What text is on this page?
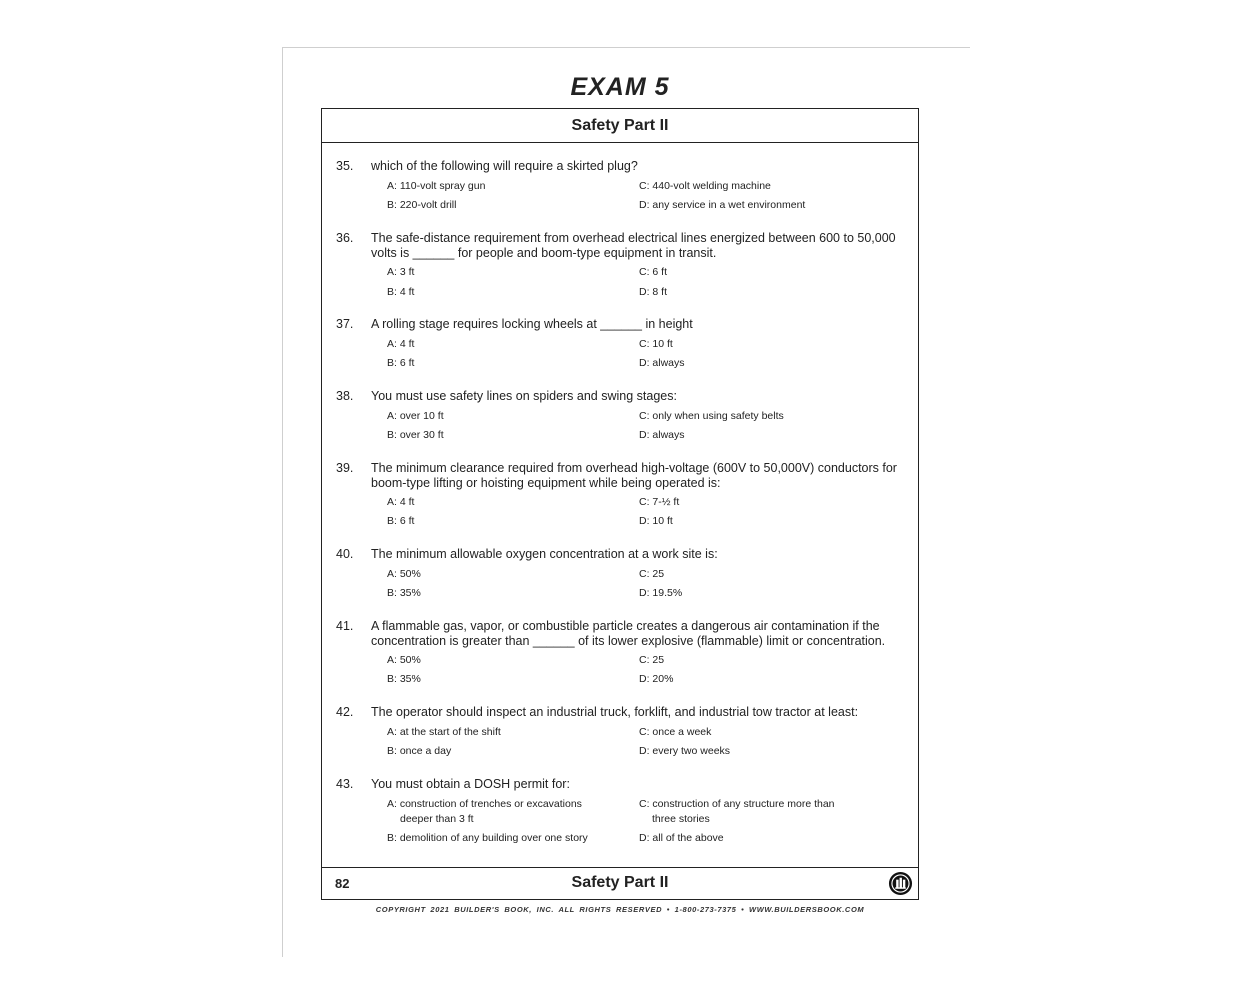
EXAM 5
Safety Part II
35. which of the following will require a skirted plug?
A: 110-volt spray gun
B: 220-volt drill
C: 440-volt welding machine
D: any service in a wet environment
36. The safe-distance requirement from overhead electrical lines energized between 600 to 50,000 volts is ______ for people and boom-type equipment in transit.
A: 3 ft
B: 4 ft
C: 6 ft
D: 8 ft
37. A rolling stage requires locking wheels at ______ in height
A: 4 ft
B: 6 ft
C: 10 ft
D: always
38. You must use safety lines on spiders and swing stages:
A: over 10 ft
B: over 30 ft
C: only when using safety belts
D: always
39. The minimum clearance required from overhead high-voltage (600V to 50,000V) conductors for boom-type lifting or hoisting equipment while being operated is:
A: 4 ft
B: 6 ft
C: 7-½ ft
D: 10 ft
40. The minimum allowable oxygen concentration at a work site is:
A: 50%
B: 35%
C: 25
D: 19.5%
41. A flammable gas, vapor, or combustible particle creates a dangerous air contamination if the concentration is greater than ______ of its lower explosive (flammable) limit or concentration.
A: 50%
B: 35%
C: 25
D: 20%
42. The operator should inspect an industrial truck, forklift, and industrial tow tractor at least:
A: at the start of the shift
B: once a day
C: once a week
D: every two weeks
43. You must obtain a DOSH permit for:
A: construction of trenches or excavations
deeper than 3 ft
B: demolition of any building over one story
C: construction of any structure more than
three stories
D: all of the above
82	Safety Part II
COPYRIGHT 2021 BUILDER'S BOOK, INC. ALL RIGHTS RESERVED • 1-800-273-7375 • WWW.BUILDERSBOOK.COM
